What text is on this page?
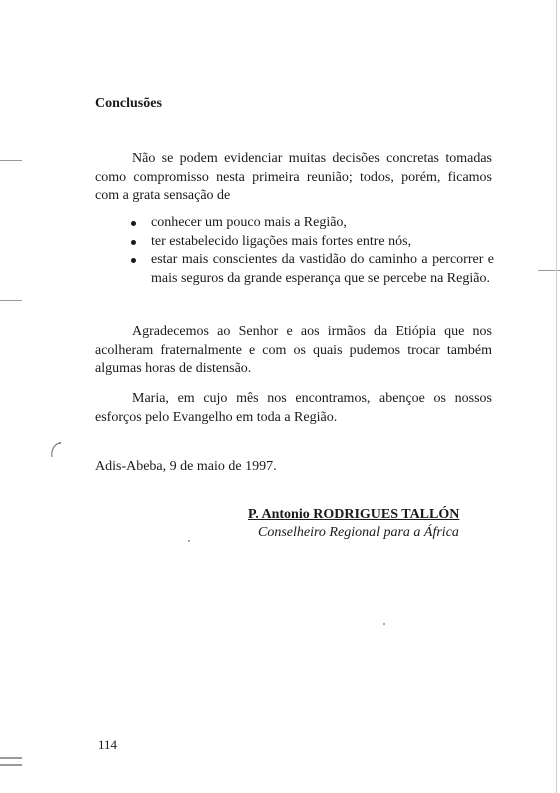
Conclusões

Não se podem evidenciar muitas decisões concretas tomadas como compromisso nesta primeira reunião; todos, porém, ficamos com a grata sensação de

conhecer um pouco mais a Região,
ter estabelecido ligações mais fortes entre nós,
estar mais conscientes da vastidão do caminho a percorrer e mais seguros da grande esperança que se percebe na Região.

Agradecemos ao Senhor e aos irmãos da Etiópia que nos acolheram fraternalmente e com os quais pudemos trocar também algumas horas de distensão.

Maria, em cujo mês nos encontramos, abençoe os nossos esforços pelo Evangelho em toda a Região.

Adis-Abeba, 9 de maio de 1997.

P. Antonio RODRIGUES TALLÓN

Conselheiro Regional para a África

114
